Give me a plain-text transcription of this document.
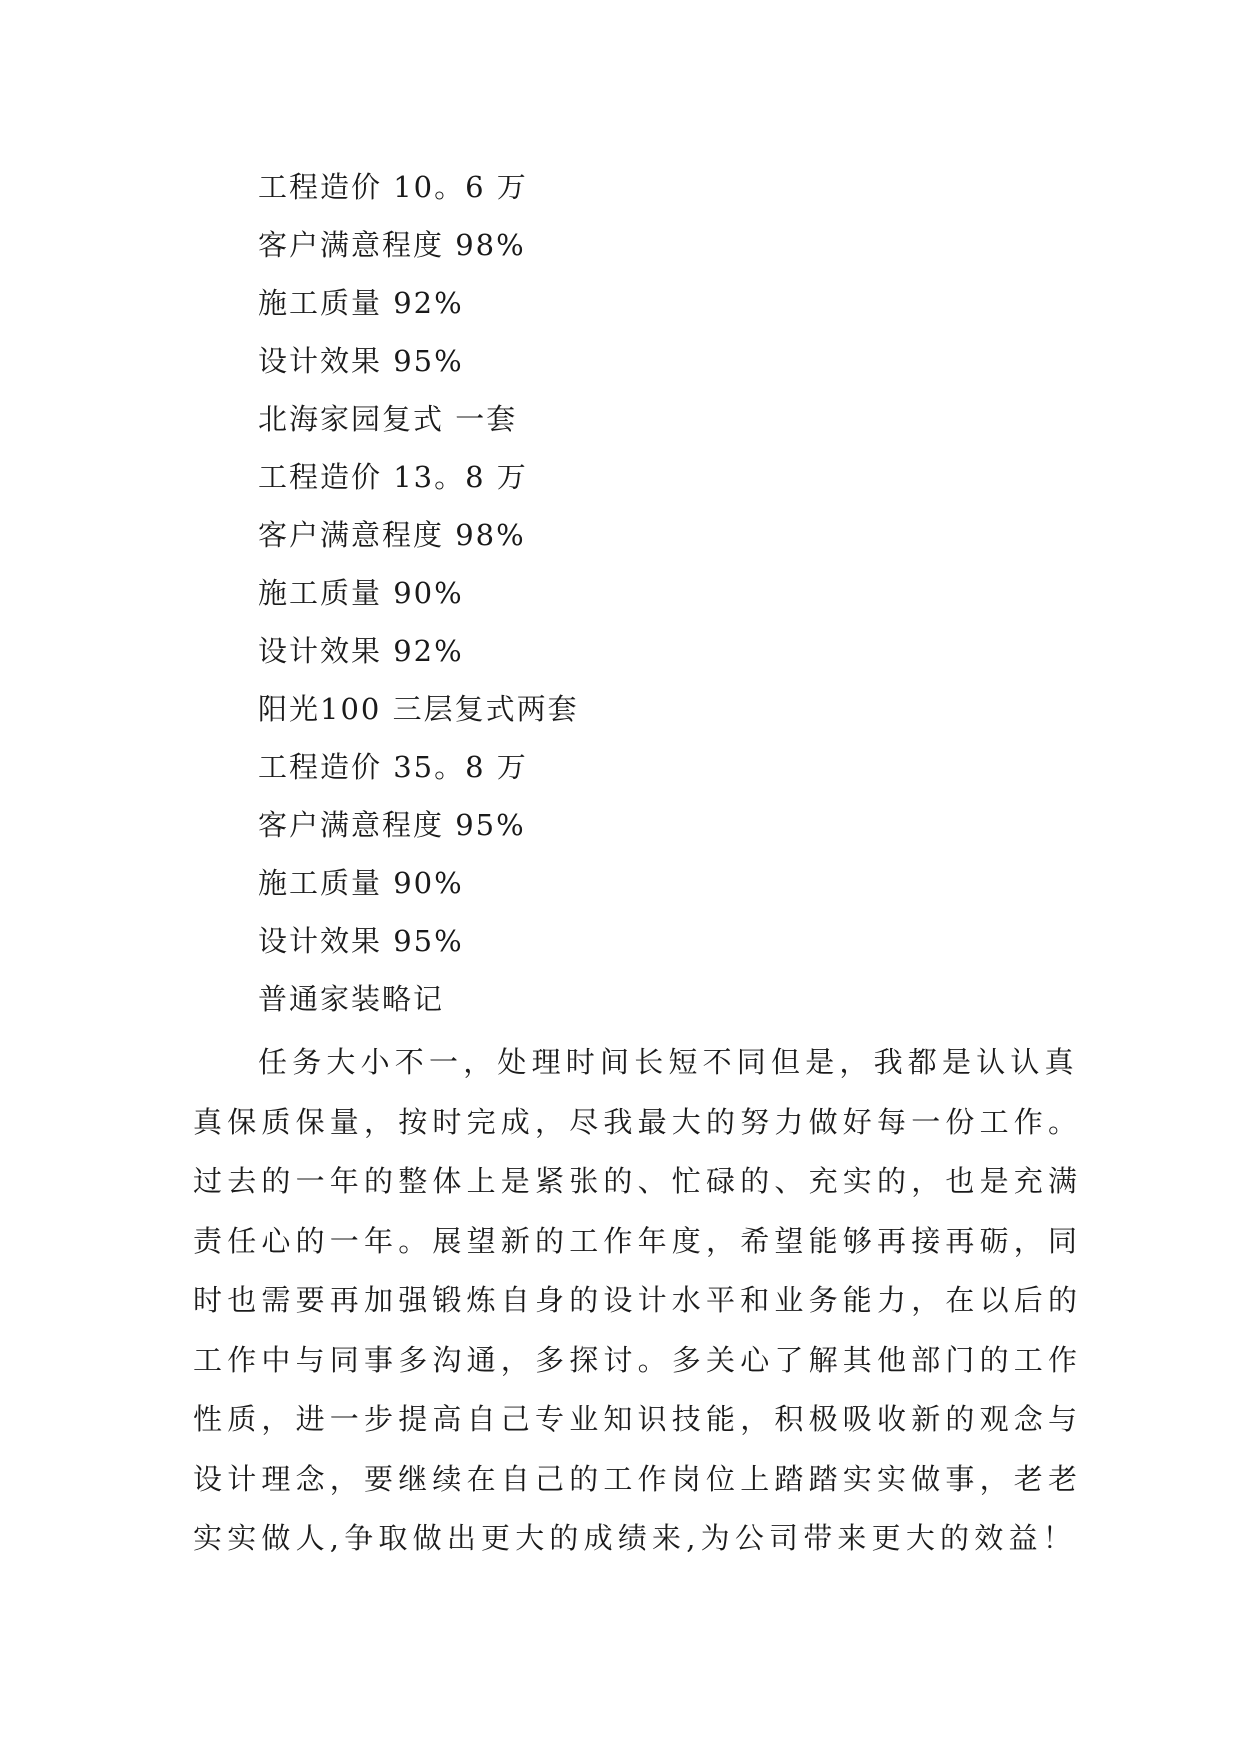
工程造价 10。6 万
客户满意程度 98%
施工质量 92%
设计效果 95%
北海家园复式 一套
工程造价 13。8 万
客户满意程度 98%
施工质量 90%
设计效果 92%
阳光100 三层复式两套
工程造价 35。8 万
客户满意程度 95%
施工质量 90%
设计效果 95%
普通家装略记
任务大小不一，处理时间长短不同但是，我都是认认真
真保质保量，按时完成，尽我最大的努力做好每一份工作。
过去的一年的整体上是紧张的、忙碌的、充实的，也是充满
责任心的一年。展望新的工作年度，希望能够再接再砺，同
时也需要再加强锻炼自身的设计水平和业务能力，在以后的
工作中与同事多沟通，多探讨。多关心了解其他部门的工作
性质，进一步提高自己专业知识技能，积极吸收新的观念与
设计理念，要继续在自己的工作岗位上踏踏实实做事，老老
实实做人,争取做出更大的成绩来,为公司带来更大的效益！
